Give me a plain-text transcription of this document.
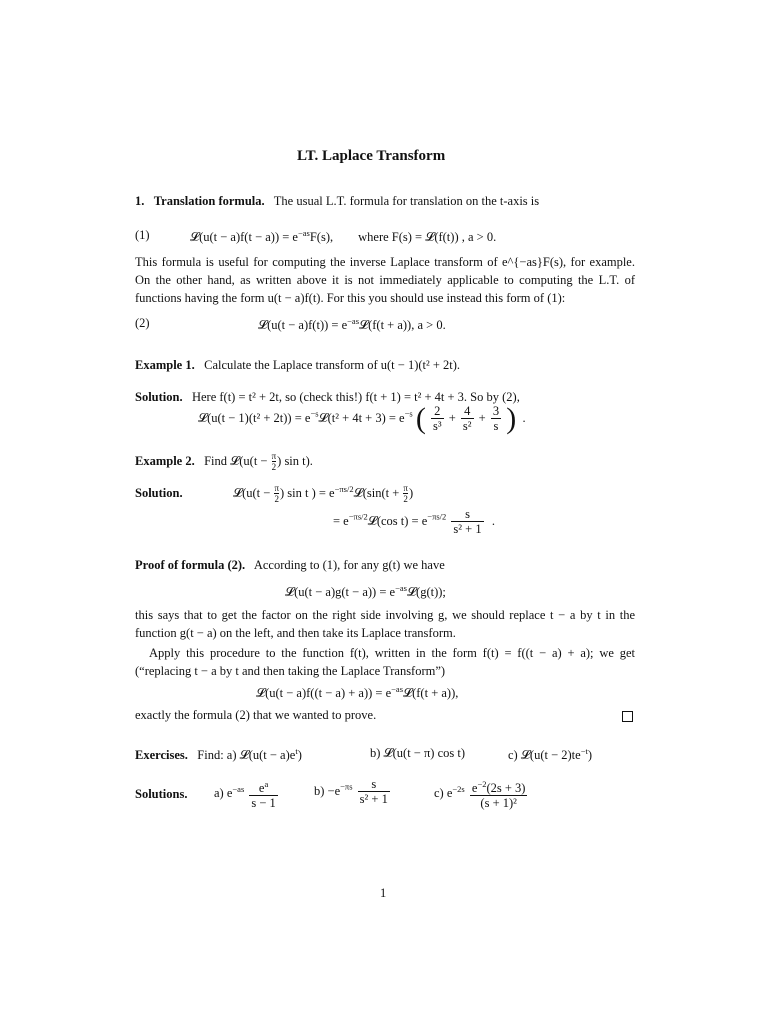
LT. Laplace Transform
1. Translation formula. The usual L.T. formula for translation on the t-axis is
(1)	𝓛(u(t − $a)f(t - a)) = e^{-as}F(s)$, where F(s) = 𝓛(f(t)) , a > 0.
This formula is useful for computing the inverse Laplace transform of e^{−as}F(s), for example. On the other hand, as written above it is not immediately applicable to computing the L.T. of functions having the form u(t − a)f(t). For this you should use instead this form of (1):
(2)	𝓛(u(t − $a)f(t)) = e^{-as}𝓛(f(t + a))$, a > 0.
Example 1. Calculate the Laplace transform of u(t − 1)(t² + 2t).
Solution. Here f(t) = t² + 2t, so (check this!) f(t + 1) = t² + 4t + 3. So by (2),
𝓛(u(t − $1)(t^2 + 2t)) = e^{-s}𝓛(t^2 + 4t + 3) = e^{-s}$ ( $\frac{2}{\text{s³}} + \frac{4}{\text{s²}} + \frac{3}{s}$ )  .
Example 2. Find 𝓛(u(t − $\frac{\pi}{2}$ ) sin t).
Solution.	𝓛(u(t − $\frac{\pi}{2}$ ) sin t ) = $e^{-\pi s/2}𝓛(\sin(t + \frac{\pi}{2}$ )
= $e^{-\pi s/2}𝓛(\cos$ $t) = e^{-\pi s/2} \frac{s}{\text{s² + 1}}$ .
Proof of formula (2). According to (1), for any g(t) we have
𝓛(u(t − $a)g(t - a)) = e^{-as}𝓛(g(t))$;
this says that to get the factor on the right side involving g, we should replace t − a by t in the function g(t − a) on the left, and then take its Laplace transform.
Apply this procedure to the function f(t), written in the form f(t) = f((t − a) + a); we get (“replacing t − a by t and then taking the Laplace Transform”)
𝓛(u(t − $a)f((t - a) + a)) = e^{-as}𝓛(f(t + a))$,
exactly the formula (2) that we wanted to prove.
Exercises. Find: a) 𝓛(u(t − $a)e^t$)	b) 𝓛(u(t − π) cos t)	c) 𝓛(u(t − $2)te^{-t}$)
Solutions. a) $e^{-as} \frac{e^a}{s - 1}$	$b) -e^{-\pi s} \frac{s}{\text{s² + 1}}$	c) $e^{-2s} \frac{e^{-2}(2s + 3)}{\text{(s + 1)²}}$
1
